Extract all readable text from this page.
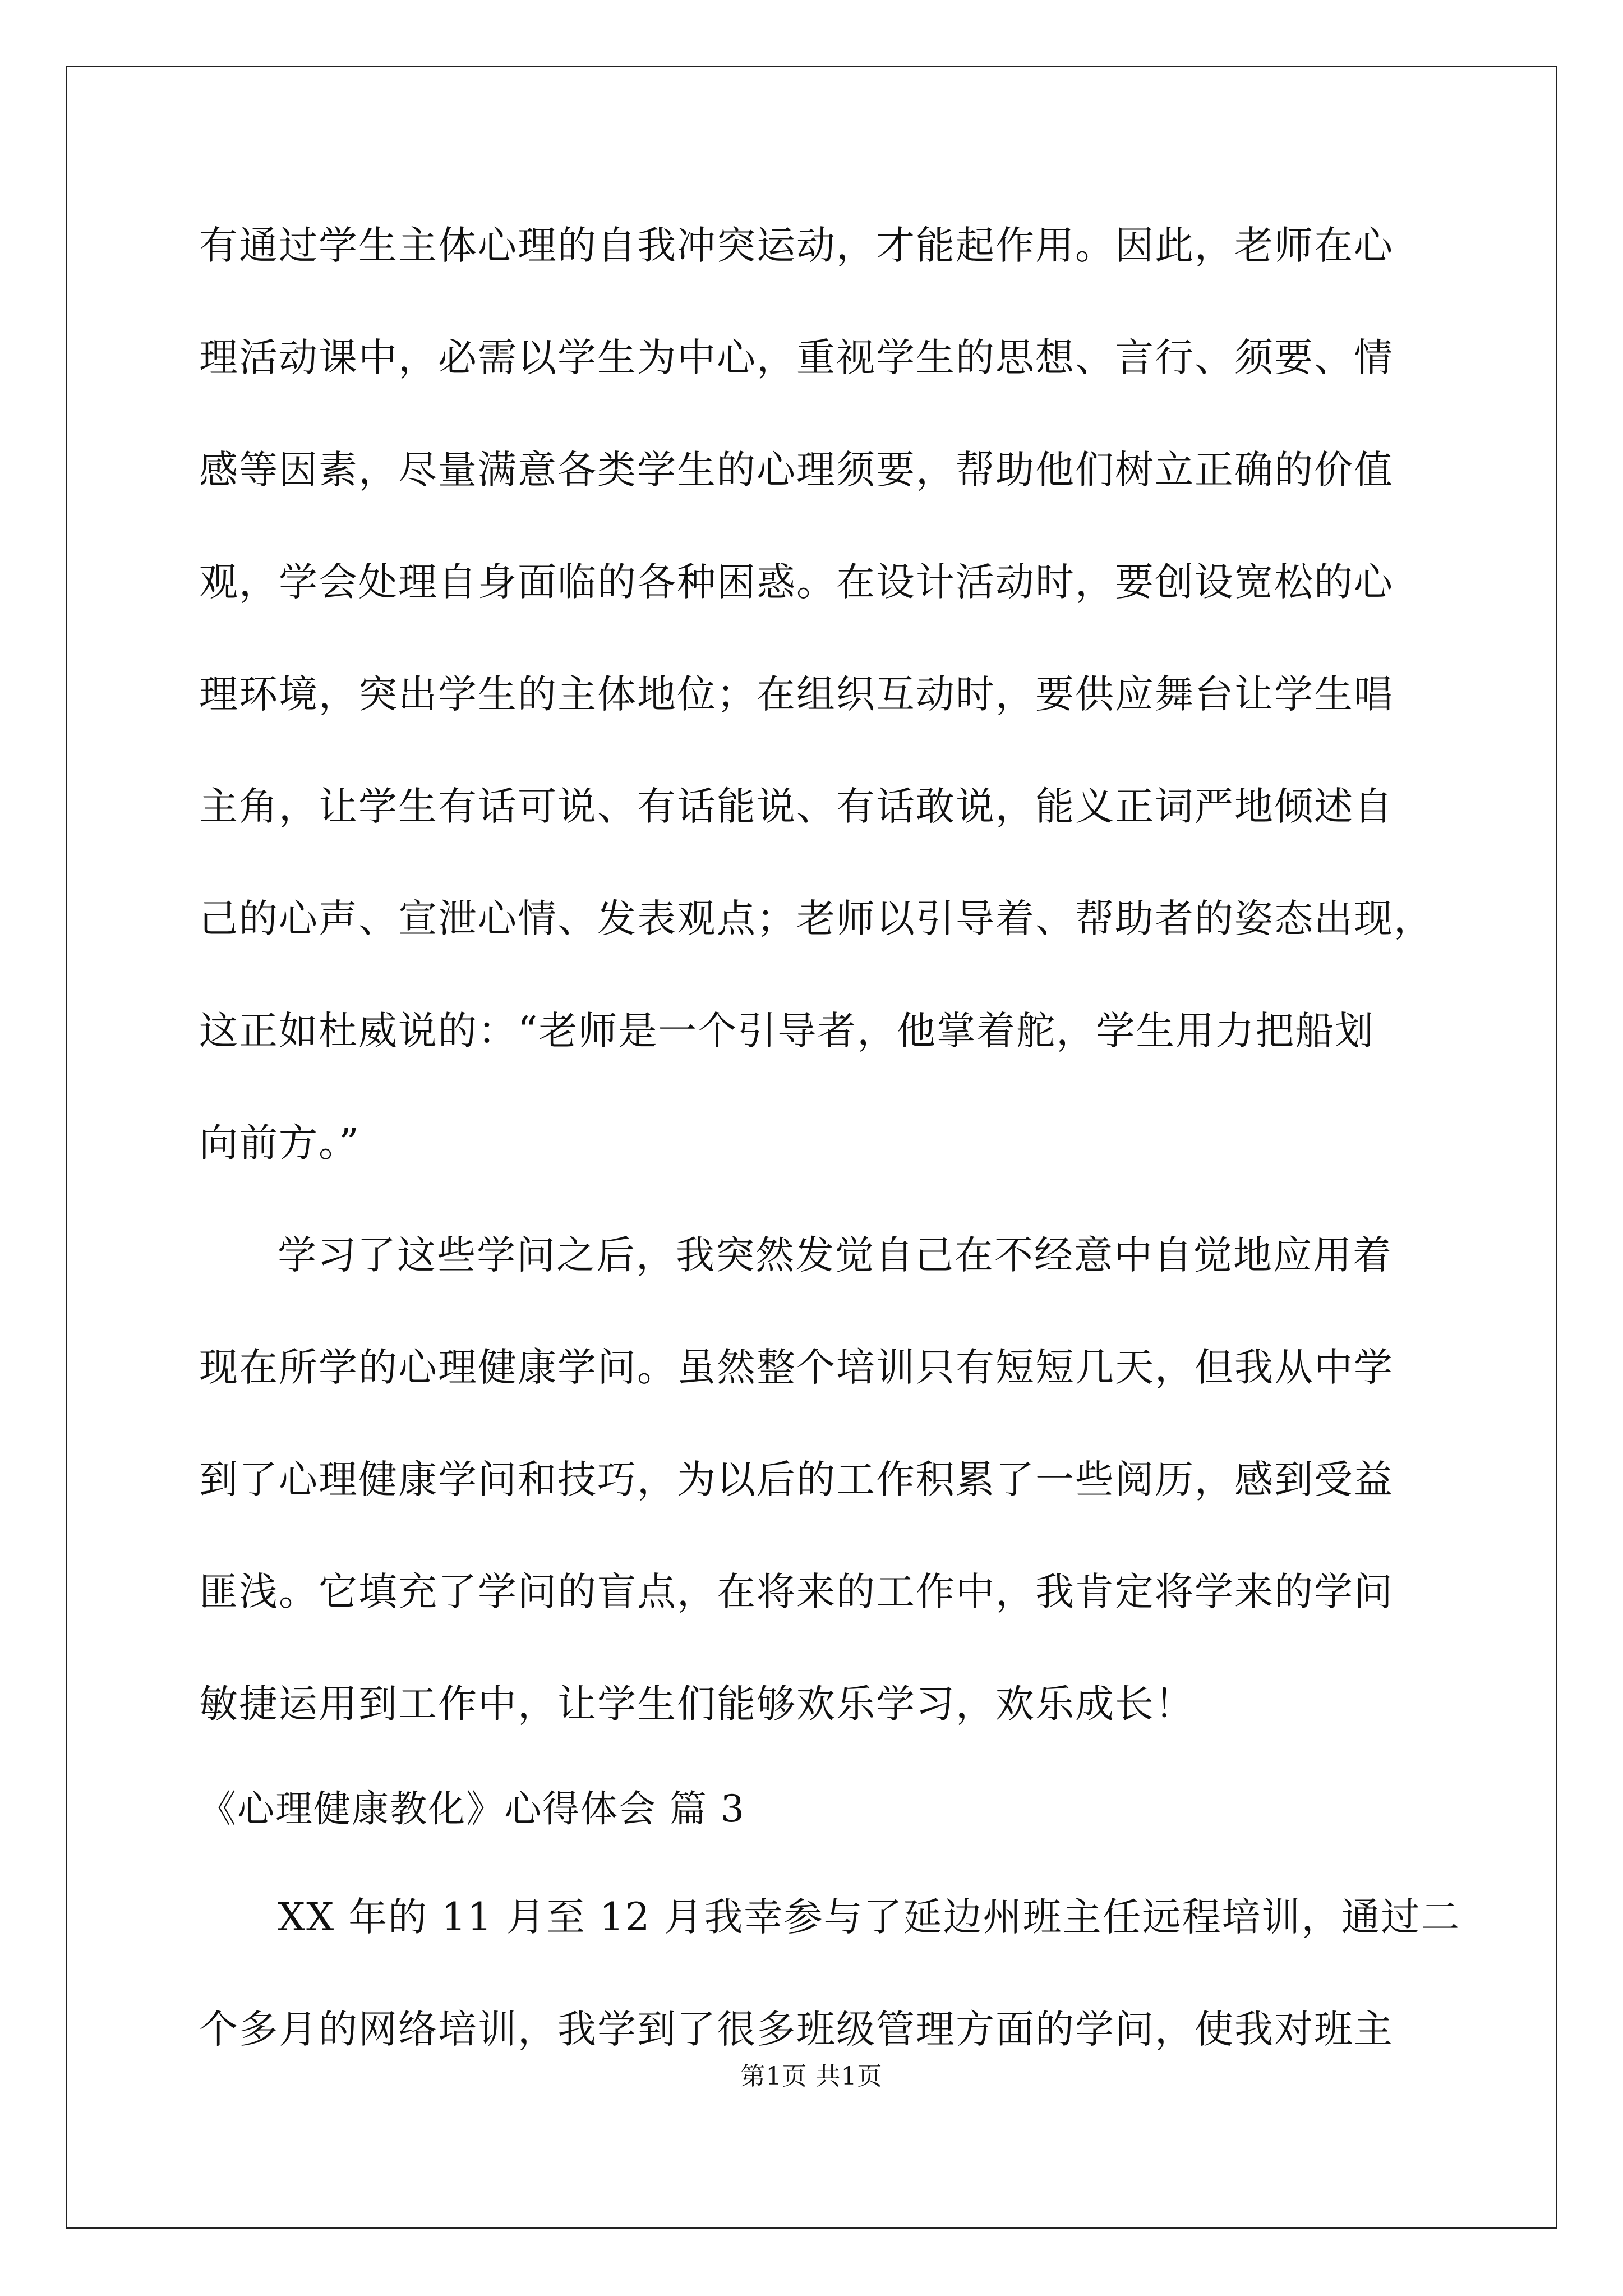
有通过学生主体心理的自我冲突运动，才能起作用。因此，老师在心
理活动课中，必需以学生为中心，重视学生的思想、言行、须要、情
感等因素，尽量满意各类学生的心理须要，帮助他们树立正确的价值
观，学会处理自身面临的各种困惑。在设计活动时，要创设宽松的心
理环境，突出学生的主体地位；在组织互动时，要供应舞台让学生唱
主角，让学生有话可说、有话能说、有话敢说，能义正词严地倾述自
己的心声、宣泄心情、发表观点；老师以引导着、帮助者的姿态出现，
这正如杜威说的：“老师是一个引导者，他掌着舵，学生用力把船划
向前方。”
学习了这些学问之后，我突然发觉自己在不经意中自觉地应用着
现在所学的心理健康学问。虽然整个培训只有短短几天，但我从中学
到了心理健康学问和技巧，为以后的工作积累了一些阅历，感到受益
匪浅。它填充了学问的盲点，在将来的工作中，我肯定将学来的学问
敏捷运用到工作中，让学生们能够欢乐学习，欢乐成长！
《心理健康教化》心得体会 篇 3
XX 年的 11 月至 12 月我幸参与了延边州班主任远程培训，通过二
个多月的网络培训，我学到了很多班级管理方面的学问，使我对班主
第1页 共1页
